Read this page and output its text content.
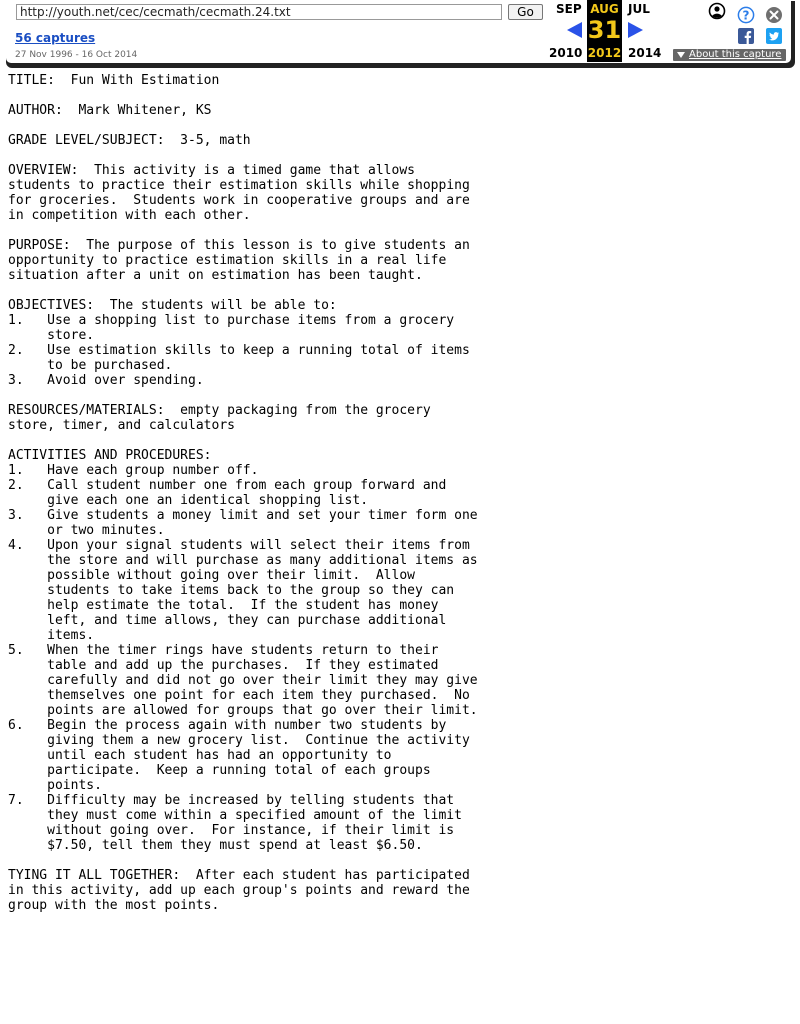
http://youth.net/cec/cecmath/cecmath.24.txt
Go
56 captures
27 Nov 1996 - 16 Oct 2014
SEP AUG
31
2012
JUL
2010	2014
?
About this capture
TITLE:  Fun With Estimation

AUTHOR:  Mark Whitener, KS

GRADE LEVEL/SUBJECT:  3-5, math

OVERVIEW:  This activity is a timed game that allows
students to practice their estimation skills while shopping
for groceries.  Students work in cooperative groups and are
in competition with each other.

PURPOSE:  The purpose of this lesson is to give students an
opportunity to practice estimation skills in a real life
situation after a unit on estimation has been taught.

OBJECTIVES:  The students will be able to:
1.   Use a shopping list to purchase items from a grocery
store.
2.   Use estimation skills to keep a running total of items
to be purchased.
3.   Avoid over spending.

RESOURCES/MATERIALS:  empty packaging from the grocery
store, timer, and calculators

ACTIVITIES AND PROCEDURES:
1.   Have each group number off.
2.   Call student number one from each group forward and
give each one an identical shopping list.
3.   Give students a money limit and set your timer form one
or two minutes.
4.   Upon your signal students will select their items from
the store and will purchase as many additional items as
possible without going over their limit.  Allow
students to take items back to the group so they can
help estimate the total.  If the student has money
left, and time allows, they can purchase additional
items.
5.   When the timer rings have students return to their
table and add up the purchases.  If they estimated
carefully and did not go over their limit they may give
themselves one point for each item they purchased.  No
points are allowed for groups that go over their limit.
6.   Begin the process again with number two students by
giving them a new grocery list.  Continue the activity
until each student has had an opportunity to
participate.  Keep a running total of each groups
points.
7.   Difficulty may be increased by telling students that
they must come within a specified amount of the limit
without going over.  For instance, if their limit is
$7.50, tell them they must spend at least $6.50.

TYING IT ALL TOGETHER:  After each student has participated
in this activity, add up each group's points and reward the
group with the most points.
